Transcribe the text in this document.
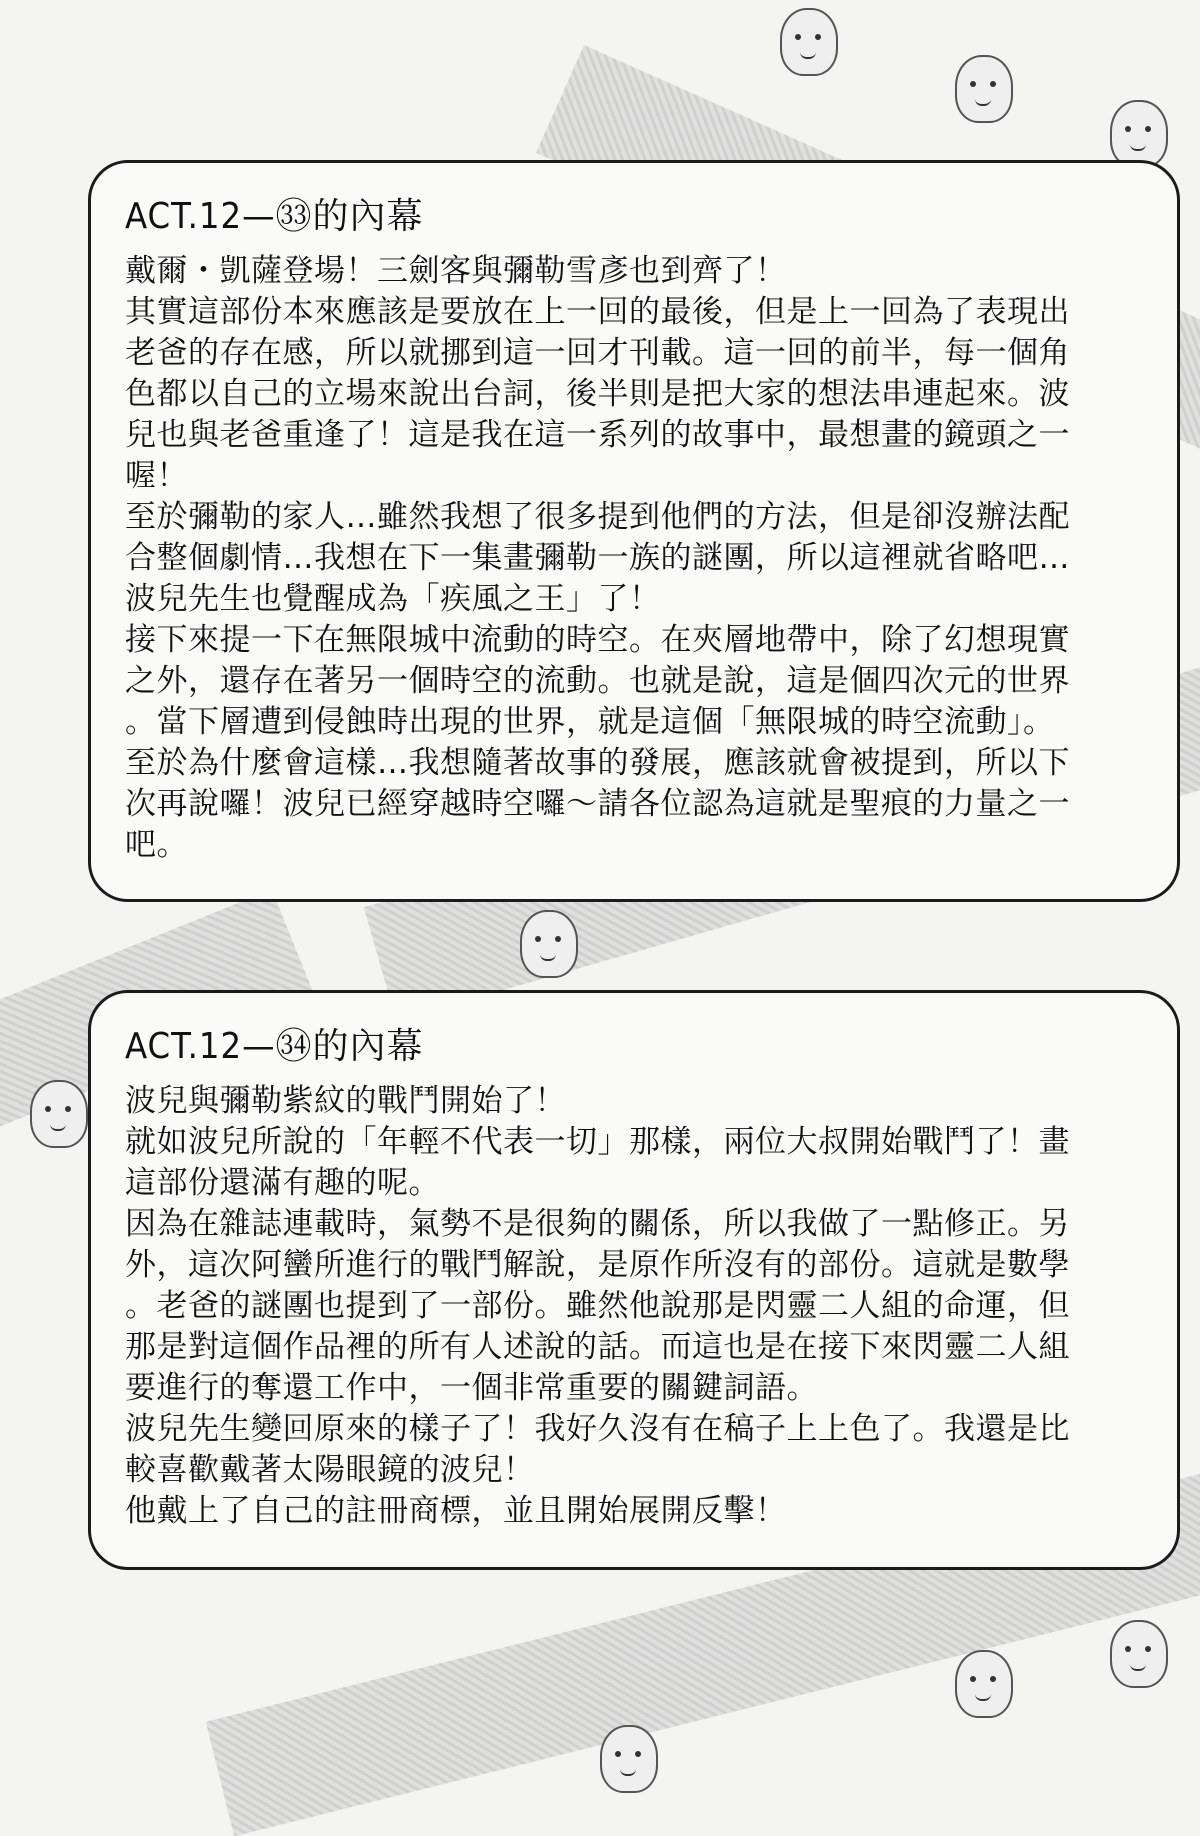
ACT.12—㉝的內幕

戴爾・凱薩登場！三劍客與彌勒雪彥也到齊了！

其實這部份本來應該是要放在上一回的最後，但是上一回為了表現出

老爸的存在感，所以就挪到這一回才刊載。這一回的前半，每一個角

色都以自己的立場來說出台詞，後半則是把大家的想法串連起來。波

兒也與老爸重逢了！這是我在這一系列的故事中，最想畫的鏡頭之一

喔！

至於彌勒的家人…雖然我想了很多提到他們的方法，但是卻沒辦法配

合整個劇情…我想在下一集畫彌勒一族的謎團，所以這裡就省略吧…

波兒先生也覺醒成為「疾風之王」了！

接下來提一下在無限城中流動的時空。在夾層地帶中，除了幻想現實

之外，還存在著另一個時空的流動。也就是說，這是個四次元的世界

。當下層遭到侵蝕時出現的世界，就是這個「無限城的時空流動」。

至於為什麼會這樣…我想隨著故事的發展，應該就會被提到，所以下

次再說囉！波兒已經穿越時空囉～請各位認為這就是聖痕的力量之一

吧。

ACT.12—㉞的內幕

波兒與彌勒紫紋的戰鬥開始了！

就如波兒所說的「年輕不代表一切」那樣，兩位大叔開始戰鬥了！畫

這部份還滿有趣的呢。

因為在雜誌連載時，氣勢不是很夠的關係，所以我做了一點修正。另

外，這次阿蠻所進行的戰鬥解說，是原作所沒有的部份。這就是數學

。老爸的謎團也提到了一部份。雖然他說那是閃靈二人組的命運，但

那是對這個作品裡的所有人述說的話。而這也是在接下來閃靈二人組

要進行的奪還工作中，一個非常重要的關鍵詞語。

波兒先生變回原來的樣子了！我好久沒有在稿子上上色了。我還是比

較喜歡戴著太陽眼鏡的波兒！

他戴上了自己的註冊商標，並且開始展開反擊！
